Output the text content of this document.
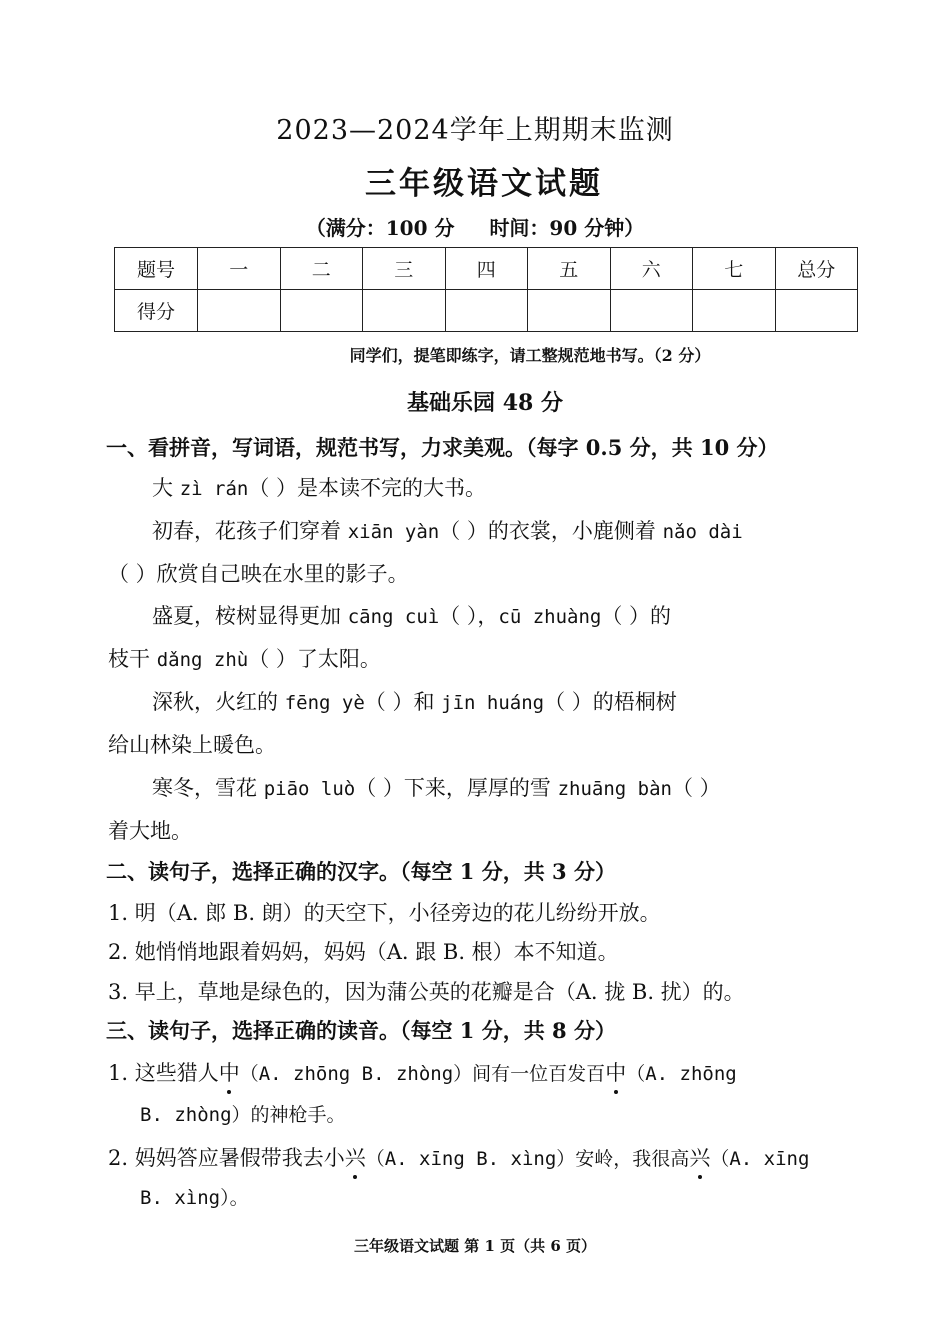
2023—2024学年上期期末监测
三年级语文试题
（满分：100 分 时间：90 分钟）
题号	一	二	三	四	五	六	七	总分
得分								
同学们，提笔即练字，请工整规范地书写。（2 分）
基础乐园 48 分
一、看拼音，写词语，规范书写，力求美观。（每字 0.5 分，共 10 分）
大 zì rán（ ）是本读不完的大书。
初春，花孩子们穿着 xiān yàn（ ）的衣裳，小鹿侧着 nǎo dài
（ ）欣赏自己映在水里的影子。
盛夏，桉树显得更加 cāng cuì（ ），cū zhuàng（ ）的
枝干 dǎng zhù（ ）了太阳。
深秋，火红的 fēng yè（ ）和 jīn huáng（ ）的梧桐树
给山林染上暖色。
寒冬，雪花 piāo luò（ ）下来，厚厚的雪 zhuāng bàn（ ）
着大地。
二、读句子，选择正确的汉字。（每空 1 分，共 3 分）
1. 明（A. 郎 B. 朗）的天空下，小径旁边的花儿纷纷开放。
2. 她悄悄地跟着妈妈，妈妈（A. 跟 B. 根）本不知道。
3. 早上，草地是绿色的，因为蒲公英的花瓣是合（A. 拢 B. 扰）的。
三、读句子，选择正确的读音。（每空 1 分，共 8 分）
1. 这些猎人中（A. zhōng B. zhòng）间有一位百发百中（A. zhōng
B. zhòng）的神枪手。
2. 妈妈答应暑假带我去小兴（A. xīng B. xìng）安岭，我很高兴（A. xīng
B. xìng）。
三年级语文试题 第 1 页（共 6 页）
